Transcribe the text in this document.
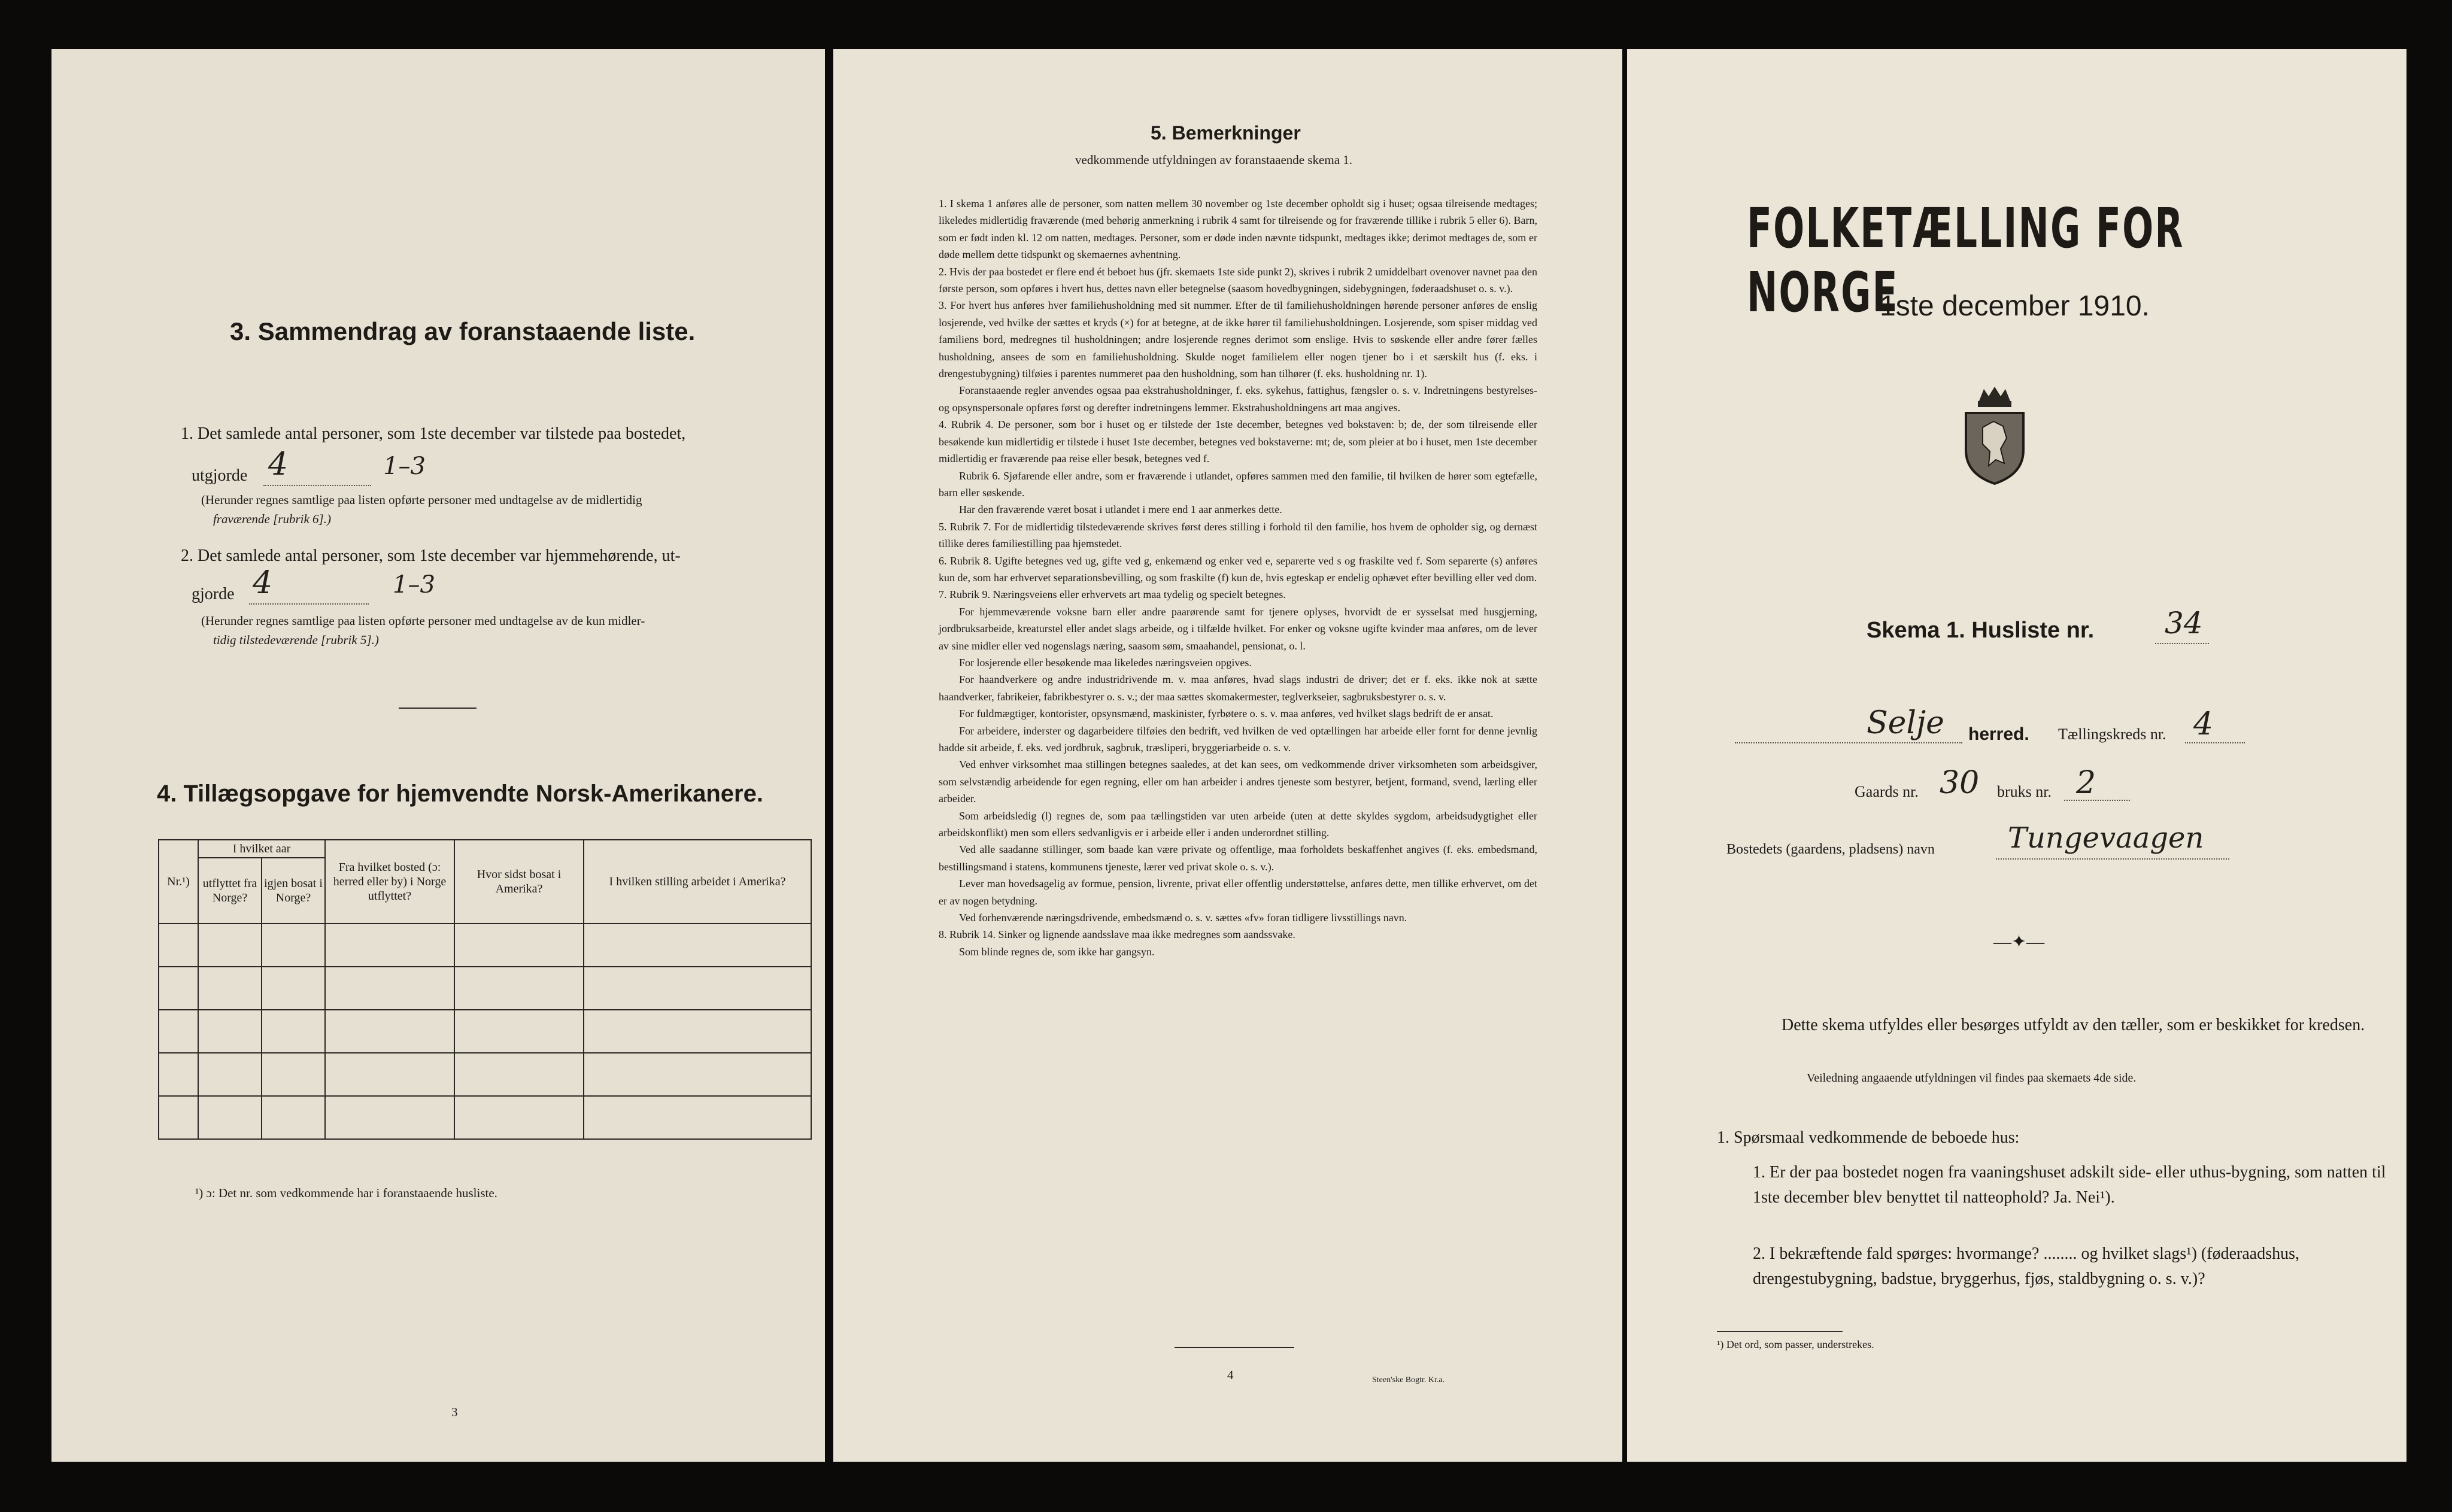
3. Sammendrag av foranstaaende liste.
1. Det samlede antal personer, som 1ste december var tilstede paa bostedet,
utgjorde 4	1–3
(Herunder regnes samtlige paa listen opførte personer med undtagelse av de midlertidig
fraværende [rubrik 6].)
2. Det samlede antal personer, som 1ste december var hjemmehørende, ut-
gjorde 4	1–3
(Herunder regnes samtlige paa listen opførte personer med undtagelse av de kun midler-
tidig tilstedeværende [rubrik 5].)
4. Tillægsopgave for hjemvendte Norsk-Amerikanere.
Nr.¹)	I hvilket aar		Fra hvilket bosted (ɔ: herred eller by) i Norge utflyttet?	Hvor sidst bosat i Amerika?	I hvilken stilling arbeidet i Amerika?
	utflyttet fra Norge?	igjen bosat i Norge?			

¹) ɔ: Det nr. som vedkommende har i foranstaaende husliste.
3
5. Bemerkninger
vedkommende utfyldningen av foranstaaende skema 1.

1. I skema 1 anføres alle de personer, som natten mellem 30 november og 1ste december opholdt sig i huset; ogsaa tilreisende medtages; likeledes midlertidig fraværende (med behørig anmerkning i rubrik 4 samt for tilreisende og for fraværende tillike i rubrik 5 eller 6). Barn, som er født inden kl. 12 om natten, medtages. Personer, som er døde inden nævnte tidspunkt, medtages ikke; derimot medtages de, som er døde mellem dette tidspunkt og skemaernes avhentning.

2. Hvis der paa bostedet er flere end ét beboet hus (jfr. skemaets 1ste side punkt 2), skrives i rubrik 2 umiddelbart ovenover navnet paa den første person, som opføres i hvert hus, dettes navn eller betegnelse (saasom hovedbygningen, sidebygningen, føderaadshuset o. s. v.).

3. For hvert hus anføres hver familiehusholdning med sit nummer. Efter de til familiehusholdningen hørende personer anføres de enslig losjerende, ved hvilke der sættes et kryds (×) for at betegne, at de ikke hører til familiehusholdningen. Losjerende, som spiser middag ved familiens bord, medregnes til husholdningen; andre losjerende regnes derimot som enslige. Hvis to søskende eller andre fører fælles husholdning, ansees de som en familiehusholdning. Skulde noget familielem eller nogen tjener bo i et særskilt hus (f. eks. i drengestubygning) tilføies i parentes nummeret paa den husholdning, som han tilhører (f. eks. husholdning nr. 1).

Foranstaaende regler anvendes ogsaa paa ekstrahusholdninger, f. eks. sykehus, fattighus, fængsler o. s. v. Indretningens bestyrelses- og opsynspersonale opføres først og derefter indretningens lemmer. Ekstrahusholdningens art maa angives.

4. Rubrik 4. De personer, som bor i huset og er tilstede der 1ste december, betegnes ved bokstaven: b; de, der som tilreisende eller besøkende kun midlertidig er tilstede i huset 1ste december, betegnes ved bokstaverne: mt; de, som pleier at bo i huset, men 1ste december midlertidig er fraværende paa reise eller besøk, betegnes ved f.

Rubrik 6. Sjøfarende eller andre, som er fraværende i utlandet, opføres sammen med den familie, til hvilken de hører som egtefælle, barn eller søskende.

Har den fraværende været bosat i utlandet i mere end 1 aar anmerkes dette.

5. Rubrik 7. For de midlertidig tilstedeværende skrives først deres stilling i forhold til den familie, hos hvem de opholder sig, og dernæst tillike deres familiestilling paa hjemstedet.

6. Rubrik 8. Ugifte betegnes ved ug, gifte ved g, enkemænd og enker ved e, separerte ved s og fraskilte ved f. Som separerte (s) anføres kun de, som har erhvervet separationsbevilling, og som fraskilte (f) kun de, hvis egteskap er endelig ophævet efter bevilling eller ved dom.

7. Rubrik 9. Næringsveiens eller erhvervets art maa tydelig og specielt betegnes.

For hjemmeværende voksne barn eller andre paarørende samt for tjenere oplyses, hvorvidt de er sysselsat med husgjerning, jordbruksarbeide, kreaturstel eller andet slags arbeide, og i tilfælde hvilket. For enker og voksne ugifte kvinder maa anføres, om de lever av sine midler eller ved nogenslags næring, saasom søm, smaahandel, pensionat, o. l.

For losjerende eller besøkende maa likeledes næringsveien opgives.

For haandverkere og andre industridrivende m. v. maa anføres, hvad slags industri de driver; det er f. eks. ikke nok at sætte haandverker, fabrikeier, fabrikbestyrer o. s. v.; der maa sættes skomakermester, teglverkseier, sagbruksbestyrer o. s. v.

For fuldmægtiger, kontorister, opsynsmænd, maskinister, fyrbøtere o. s. v. maa anføres, ved hvilket slags bedrift de er ansat.

For arbeidere, inderster og dagarbeidere tilføies den bedrift, ved hvilken de ved optællingen har arbeide eller fornt for denne jevnlig hadde sit arbeide, f. eks. ved jordbruk, sagbruk, træsliperi, bryggeriarbeide o. s. v.

Ved enhver virksomhet maa stillingen betegnes saaledes, at det kan sees, om vedkommende driver virksomheten som arbeidsgiver, som selvstændig arbeidende for egen regning, eller om han arbeider i andres tjeneste som bestyrer, betjent, formand, svend, lærling eller arbeider.

Som arbeidsledig (l) regnes de, som paa tællingstiden var uten arbeide (uten at dette skyldes sygdom, arbeidsudygtighet eller arbeidskonflikt) men som ellers sedvanligvis er i arbeide eller i anden underordnet stilling.

Ved alle saadanne stillinger, som baade kan være private og offentlige, maa forholdets beskaffenhet angives (f. eks. embedsmand, bestillingsmand i statens, kommunens tjeneste, lærer ved privat skole o. s. v.).

Lever man hovedsagelig av formue, pension, livrente, privat eller offentlig understøttelse, anføres dette, men tillike erhvervet, om det er av nogen betydning.

Ved forhenværende næringsdrivende, embedsmænd o. s. v. sættes «fv» foran tidligere livsstillings navn.

8. Rubrik 14. Sinker og lignende aandsslave maa ikke medregnes som aandssvake.

Som blinde regnes de, som ikke har gangsyn.

4	Steen'ske Bogtr. Kr.a.
FOLKETÆLLING FOR NORGE
1ste december 1910.
Skema 1. Husliste nr. 34
Selje herred. Tællingskreds nr. 4
Gaards nr. 30 bruks nr. 2
Bostedets (gaardens, pladsens) navn	Tungevaagen
—✦—
Dette skema utfyldes eller besørges utfyldt av den tæller, som er beskikket for kredsen.
Veiledning angaaende utfyldningen vil findes paa skemaets 4de side.
1. Spørsmaal vedkommende de beboede hus:
1. Er der paa bostedet nogen fra vaaningshuset adskilt side- eller uthus-bygning, som natten til 1ste december blev benyttet til natteophold? Ja. Nei¹).
2. I bekræftende fald spørges: hvormange? ........ og hvilket slags¹) (føderaadshus, drengestubygning, badstue, bryggerhus, fjøs, staldbygning o. s. v.)?
¹) Det ord, som passer, understrekes.
